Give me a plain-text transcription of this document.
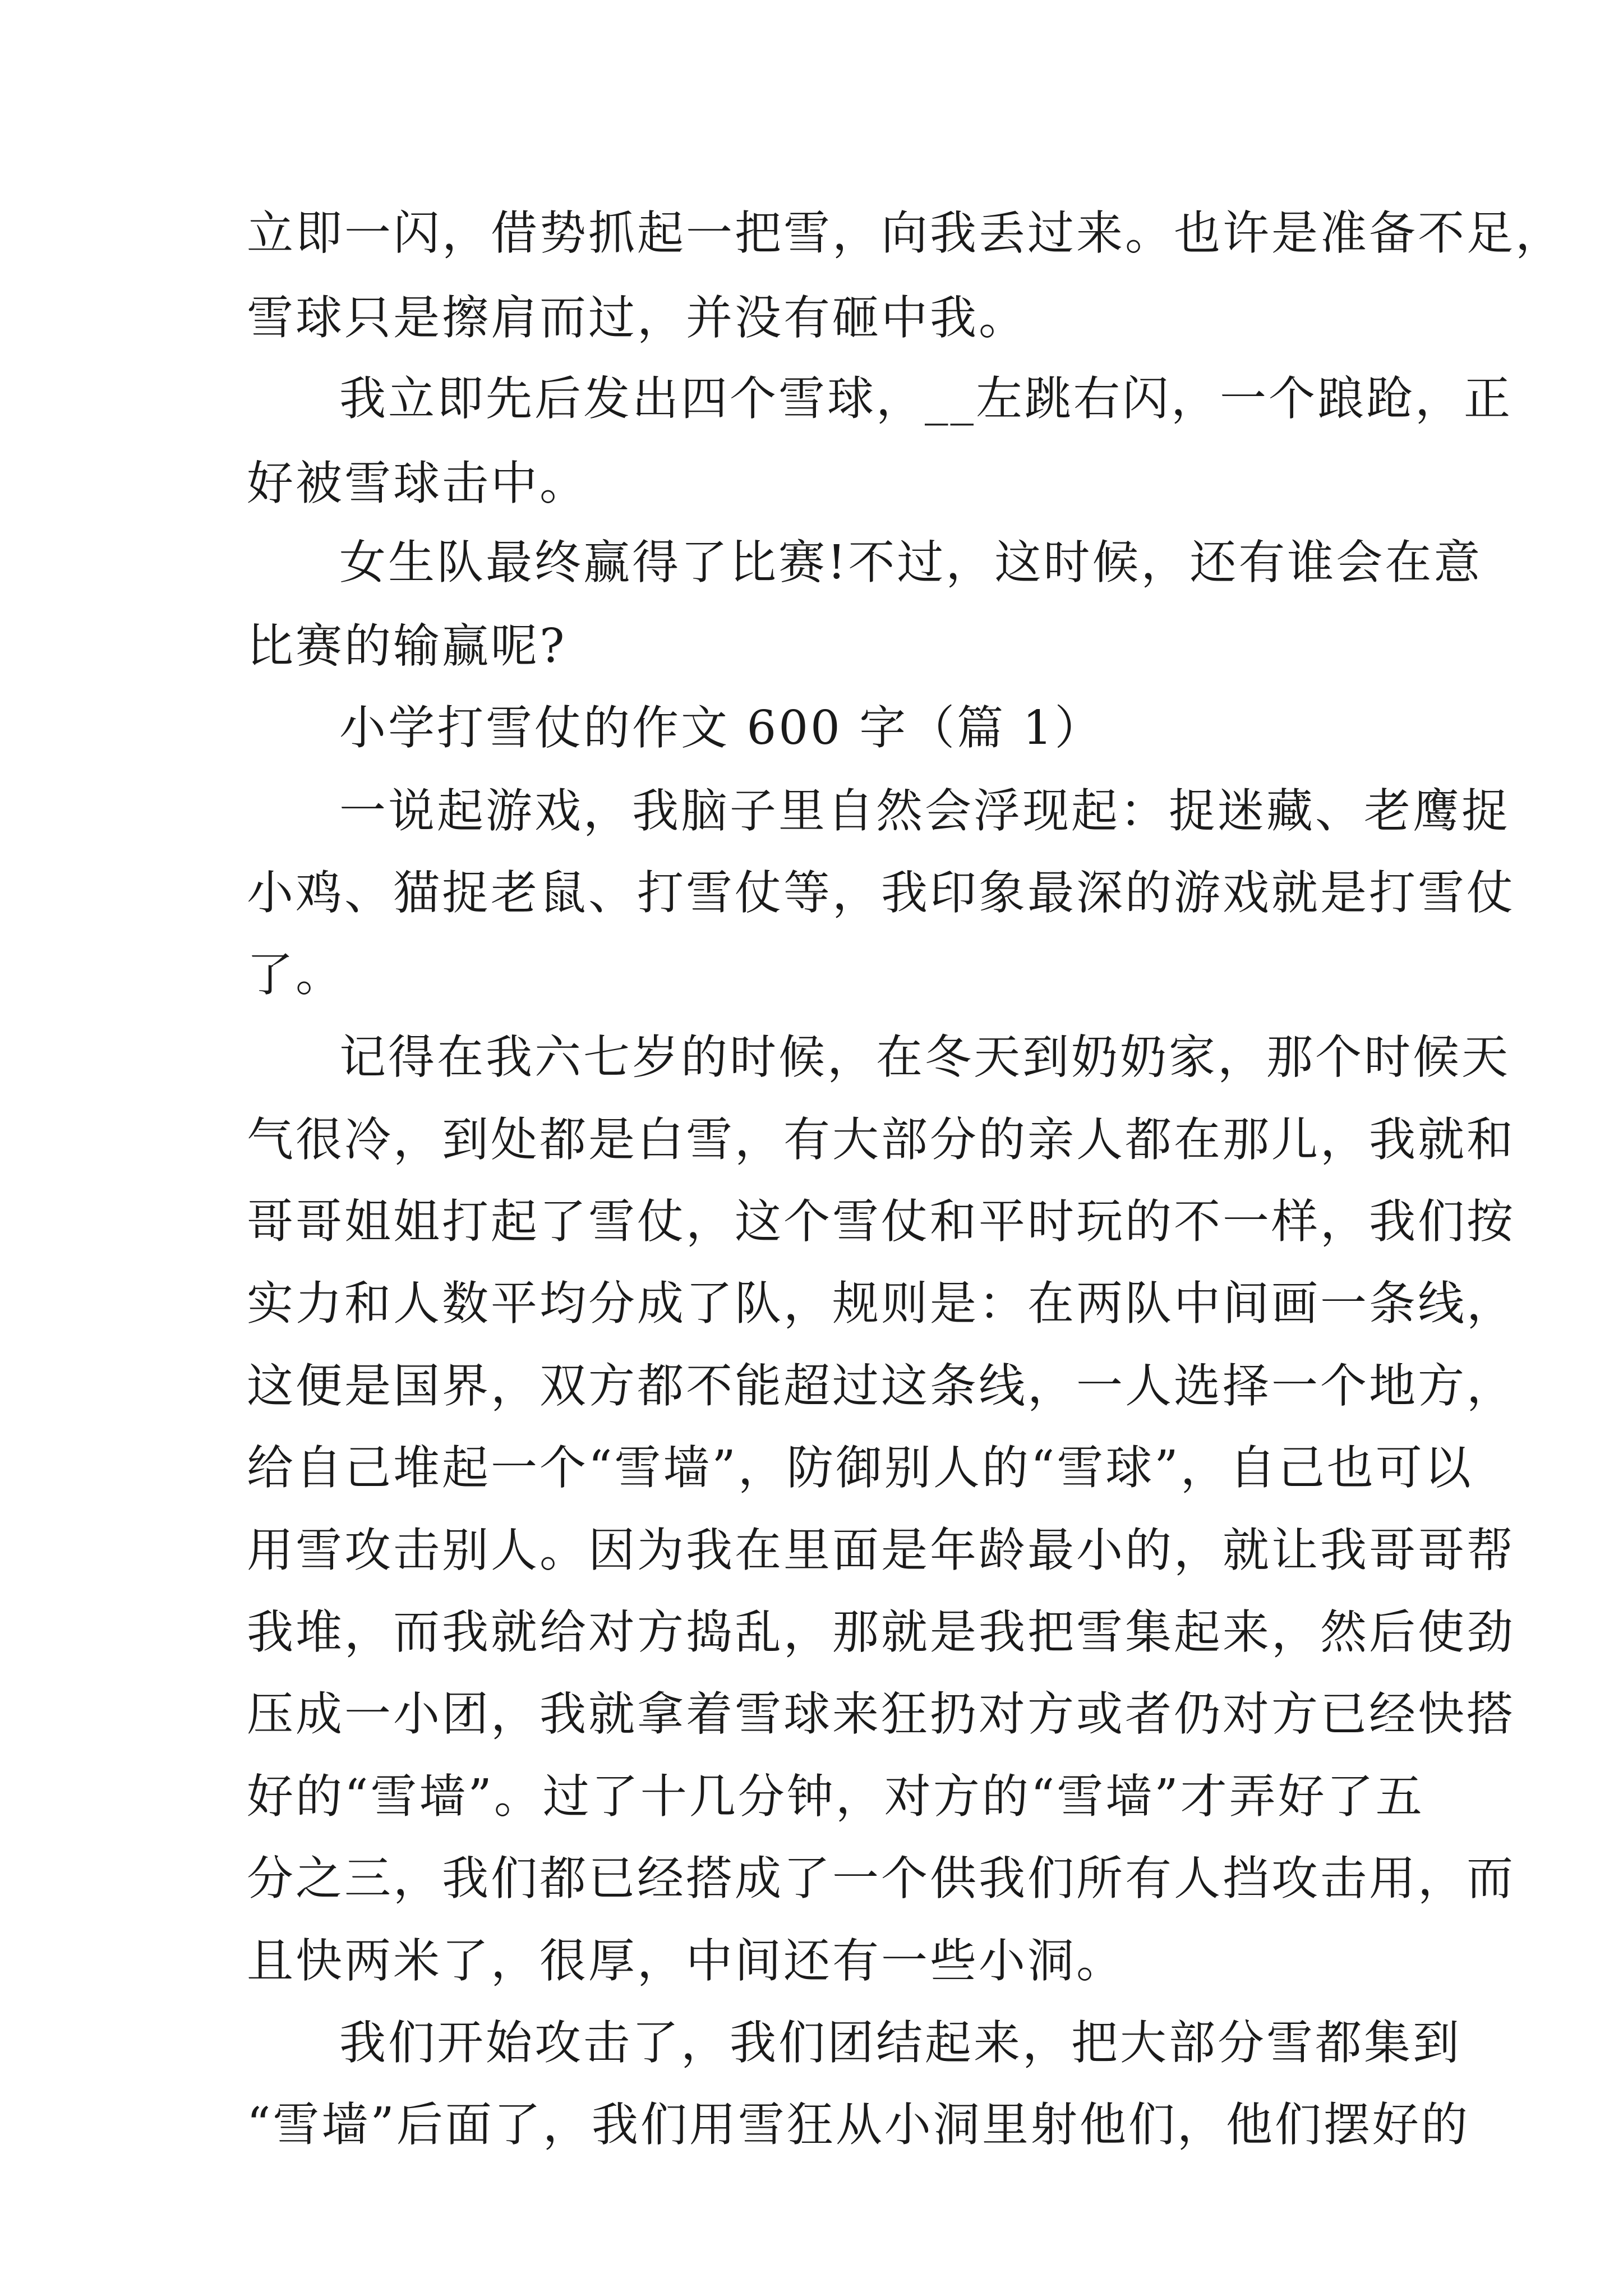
立即一闪，借势抓起一把雪，向我丢过来。也许是准备不足，
雪球只是擦肩而过，并没有砸中我。
我立即先后发出四个雪球，__左跳右闪，一个踉跄，正
好被雪球击中。
女生队最终赢得了比赛!不过，这时候，还有谁会在意
比赛的输赢呢?
小学打雪仗的作文 600 字（篇 1）
一说起游戏，我脑子里自然会浮现起：捉迷藏、老鹰捉
小鸡、猫捉老鼠、打雪仗等，我印象最深的游戏就是打雪仗
了。
记得在我六七岁的时候，在冬天到奶奶家，那个时候天
气很冷，到处都是白雪，有大部分的亲人都在那儿，我就和
哥哥姐姐打起了雪仗，这个雪仗和平时玩的不一样，我们按
实力和人数平均分成了队，规则是：在两队中间画一条线，
这便是国界，双方都不能超过这条线，一人选择一个地方，
给自己堆起一个“雪墙”，防御别人的“雪球”，自己也可以
用雪攻击别人。因为我在里面是年龄最小的，就让我哥哥帮
我堆，而我就给对方捣乱，那就是我把雪集起来，然后使劲
压成一小团，我就拿着雪球来狂扔对方或者仍对方已经快搭
好的“雪墙”。过了十几分钟，对方的“雪墙”才弄好了五
分之三，我们都已经搭成了一个供我们所有人挡攻击用，而
且快两米了，很厚，中间还有一些小洞。
我们开始攻击了，我们团结起来，把大部分雪都集到
“雪墙”后面了，我们用雪狂从小洞里射他们，他们摆好的
